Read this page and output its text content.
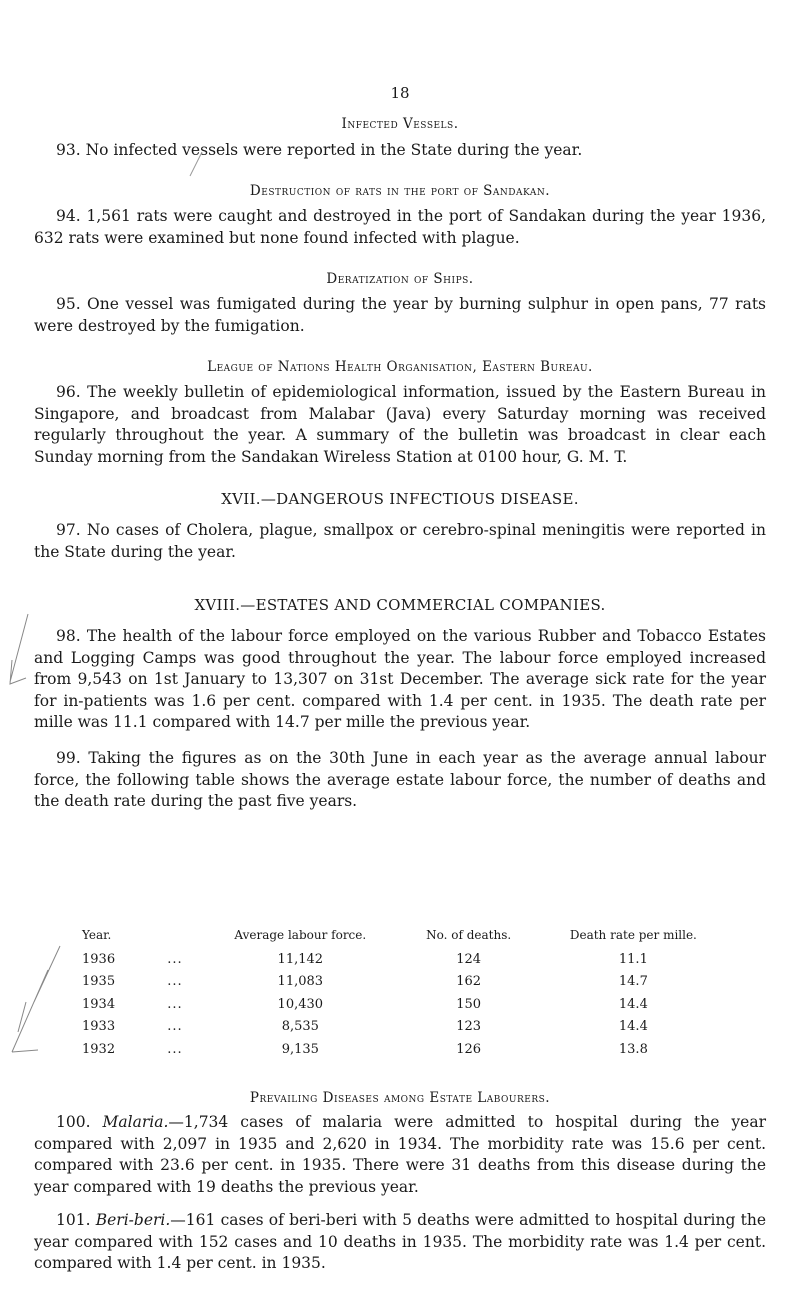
18
Infected Vessels.

93. No infected vessels were reported in the State during the year.

Destruction of rats in the port of Sandakan.

94. 1,561 rats were caught and destroyed in the port of Sandakan during the year 1936, 632 rats were examined but none found infected with plague.

Deratization of Ships.

95. One vessel was fumigated during the year by burning sulphur in open pans, 77 rats were destroyed by the fumigation.

League of Nations Health Organisation, Eastern Bureau.

96. The weekly bulletin of epidemiological information, issued by the Eastern Bureau in Singapore, and broadcast from Malabar (Java) every Saturday morning was received regularly throughout the year. A summary of the bulletin was broadcast in clear each Sunday morning from the Sandakan Wireless Station at 0100 hour, G. M. T.

XVII.—DANGEROUS INFECTIOUS DISEASE.

97. No cases of Cholera, plague, smallpox or cerebro-spinal meningitis were reported in the State during the year.

XVIII.—ESTATES AND COMMERCIAL COMPANIES.

98. The health of the labour force employed on the various Rubber and Tobacco Estates and Logging Camps was good throughout the year. The labour force employed increased from 9,543 on 1st January to 13,307 on 31st December. The average sick rate for the year for in-patients was 1.6 per cent. compared with 1.4 per cent. in 1935. The death rate per mille was 11.1 compared with 14.7 per mille the previous year.

99. Taking the figures as on the 30th June in each year as the average annual labour force, the following table shows the average estate labour force, the number of deaths and the death rate during the past five years.

Year.		Average labour force.	No. of deaths.	Death rate per mille.
1936	...	11,142	124	11.1
1935	...	11,083	162	14.7
1934	...	10,430	150	14.4
1933	...	8,535	123	14.4
1932	...	9,135	126	13.8
Prevailing Diseases among Estate Labourers.

100. Malaria.—1,734 cases of malaria were admitted to hospital during the year compared with 2,097 in 1935 and 2,620 in 1934. The morbidity rate was 15.6 per cent. compared with 23.6 per cent. in 1935. There were 31 deaths from this disease during the year compared with 19 deaths the previous year.

101. Beri-beri.—161 cases of beri-beri with 5 deaths were admitted to hospital during the year compared with 152 cases and 10 deaths in 1935. The morbidity rate was 1.4 per cent. compared with 1.4 per cent. in 1935.
